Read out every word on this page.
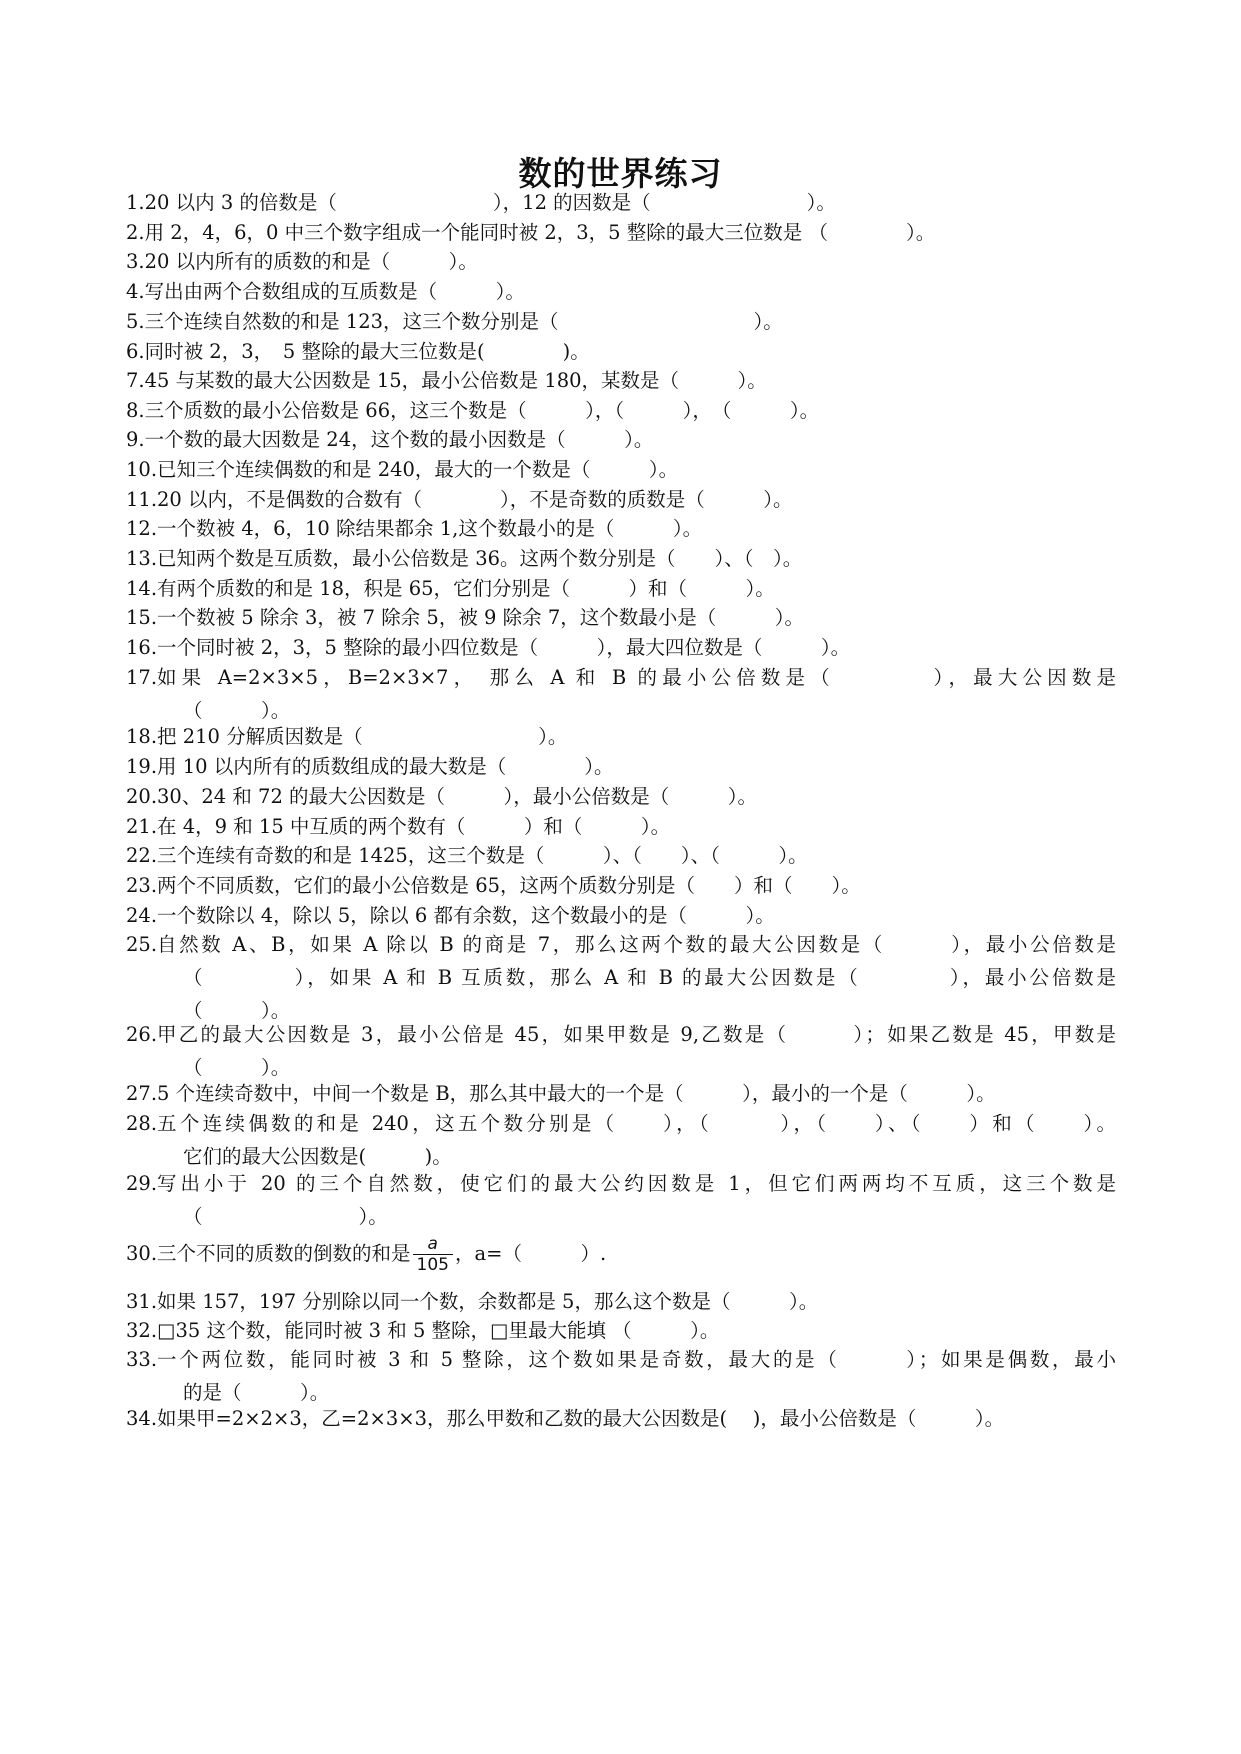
数的世界练习
1.20 以内 3 的倍数是（　　　　　　　　），12 的因数是（　　　　　　　　）。
2.用 2，4，6，0 中三个数字组成一个能同时被 2，3，5 整除的最大三位数是 （　　　　）。
3.20 以内所有的质数的和是（　　　）。
4.写出由两个合数组成的互质数是（　　　）。
5.三个连续自然数的和是 123，这三个数分别是（　　　　　　　　　　）。
6.同时被 2，3，　5 整除的最大三位数是(　　　　)。
7.45 与某数的最大公因数是 15，最小公倍数是 180，某数是（　　　）。
8.三个质数的最小公倍数是 66，这三个数是（　　　），（　　　），　（　　　）。
9.一个数的最大因数是 24，这个数的最小因数是（　　　）。
10.已知三个连续偶数的和是 240，最大的一个数是（　　　）。
11.20 以内，不是偶数的合数有（　　　　），不是奇数的质数是（　　　）。
12.一个数被 4，6，10 除结果都余 1,这个数最小的是（　　　）。
13.已知两个数是互质数，最小公倍数是 36。这两个数分别是（　　）、（　）。
14.有两个质数的和是 18，积是 65，它们分别是（　　　）和（　　　）。
15.一个数被 5 除余 3，被 7 除余 5，被 9 除余 7，这个数最小是（　　　）。
16.一个同时被 2，3，5 整除的最小四位数是（　　　），最大四位数是（　　　）。
17. 如果 A=2×3×5，B=2×3×7， 那么 A 和 B 的最小公倍数是（　　　　），最大公因数是
（　　　）。
18.把 210 分解质因数是（　　　　　　　　　）。
19.用 10 以内所有的质数组成的最大数是（　　　　）。
20.30、24 和 72 的最大公因数是（　　　），最小公倍数是（　　　）。
21.在 4，9 和 15 中互质的两个数有（　　　）和（　　　）。
22.三个连续有奇数的和是 1425，这三个数是（　　　）、（　　）、（　　　）。
23.两个不同质数，它们的最小公倍数是 65，这两个质数分别是（　　）和（　　）。
24.一个数除以 4，除以 5，除以 6 都有余数，这个数最小的是（　　　）。
25. 自然数 A、B，如果 A 除以 B 的商是 7，那么这两个数的最大公因数是（　　　），最小公倍数是
（　　　　），如果 A 和 B 互质数，那么 A 和 B 的最大公因数是（　　　　），最小公倍数是
（　　　）。
26. 甲乙的最大公因数是 3，最小公倍是 45，如果甲数是 9,乙数是（　　　）；如果乙数是 45，甲数是
（　　　）。
27.5 个连续奇数中，中间一个数是 B，那么其中最大的一个是（　　　），最小的一个是（　　　）。
28. 五个连续偶数的和是 240，这五个数分别是（　　），（　　　），（　　）、（　　）和（　　）。
它们的最大公因数是(　　　)。
29. 写出小于 20 的三个自然数，使它们的最大公约因数是 1，但它们两两均不互质，这三个数是
（　　　　　　　　）。
30.三个不同的质数的倒数的和是 $\frac{a}{105}$ ，a=（　　　）.
31.如果 157，197 分别除以同一个数，余数都是 5，那么这个数是（　　　）。
32.□35 这个数，能同时被 3 和 5 整除，□里最大能填 （　　　）。
33. 一个两位数，能同时被 3 和 5 整除，这个数如果是奇数，最大的是（　　　）；如果是偶数，最小
的是（　　　）。
34.如果甲=2×2×3，乙=2×3×3，那么甲数和乙数的最大公因数是(　 )，最小公倍数是（　　　）。
